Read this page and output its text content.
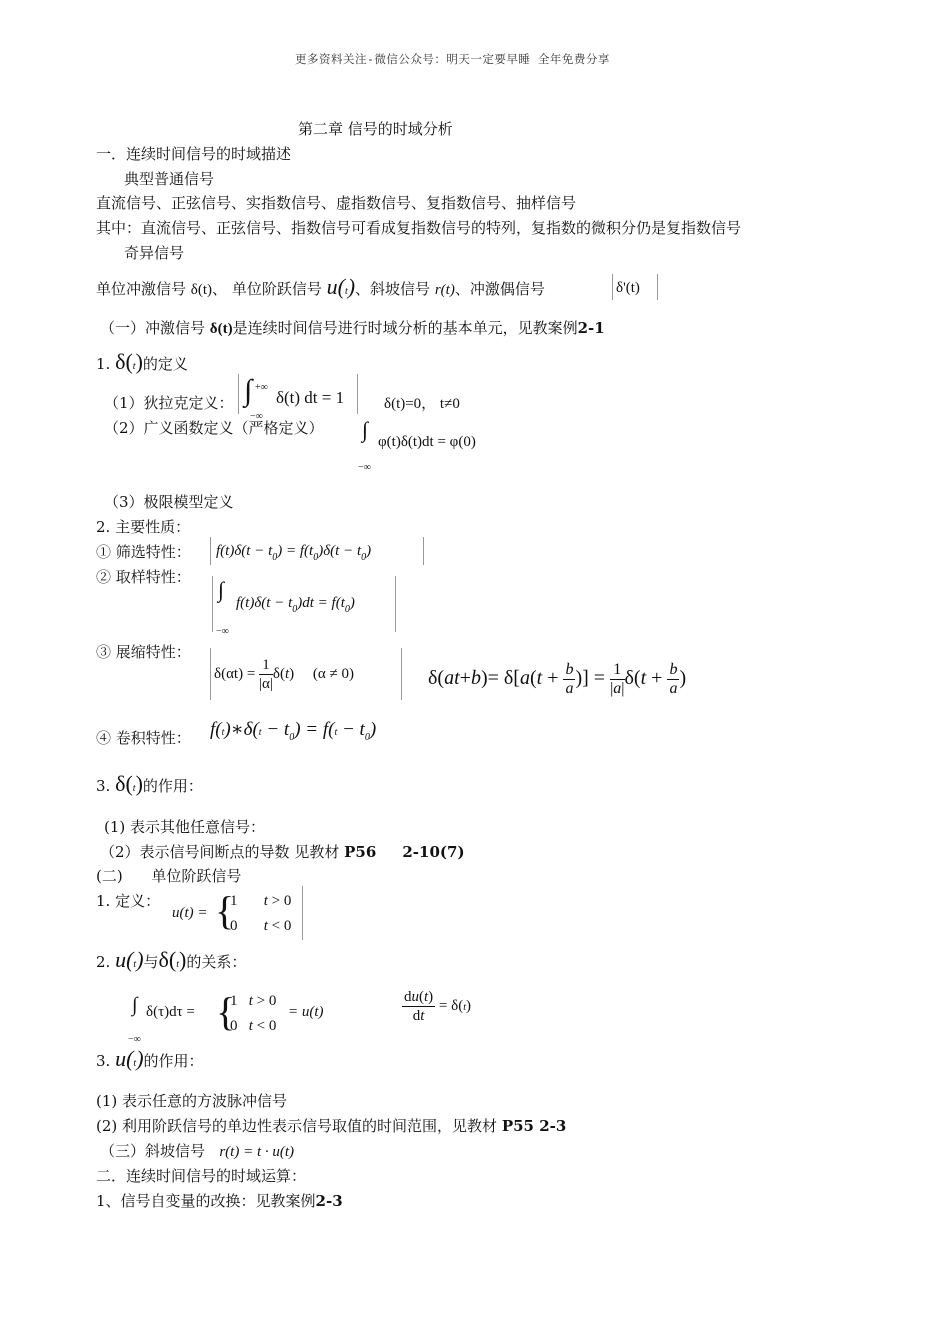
更多资料关注-微信公众号：明天一定要早睡 全年免费分享
第二章 信号的时域分析
一．连续时间信号的时域描述
典型普通信号
直流信号、正弦信号、实指数信号、虚指数信号、复指数信号、抽样信号
其中：直流信号、正弦信号、指数信号可看成复指数信号的特列，复指数的微积分仍是复指数信号
奇异信号
单位冲激信号 δ(t)、 单位阶跃信号 u(t)、斜坡信号 r(t)、冲激偶信号	δ'(t)
（一）冲激信号 δ(t)是连续时间信号进行时域分析的基本单元，见教案例2-1
1. δ(t)的定义
（1）狄拉克定义： ∫ +∞
−∞
δ(t) dt = 1	δ(t)=0， t≠0
（2）广义函数定义（严格定义） ∫
−∞
φ(t)δ(t)dt = φ(0)
（3）极限模型定义
2. 主要性质：
① 筛选特性： $f(t)\delta(t - t_0) = f(t_0)\delta(t - t_0)$
② 取样特性： ∫
−∞
$f(t)\delta(t - t_0)dt = f(t_0)$
③ 展缩特性：
$\delta(\alpha t) = \frac{1}{|\alpha|} \delta(t)$     (α ≠ 0)	$\delta(at+b)= \delta[a(t + \frac{b}{a}$ )] = $\frac{1}{|a|} \delta(t + \frac{b}{a}$ )
④ 卷积特性： f(t)∗δ(t − $t_0) = f(t - t_0)$
3. δ(t)的作用：
(1) 表示其他任意信号：
（2）表示信号间断点的导数 见教材 P56     2-10(7)
(二)      单位阶跃信号
1. 定义：
u(t) = {
1       t > 0
0       t < 0
2. u(t)与δ(t)的关系：
∫
−∞
δ(τ)dτ = {
1   t > 0
0   t < 0
= u(t)	$\frac{du(t)}{dt} = \delta(t)$
3. u(t)的作用：
(1) 表示任意的方波脉冲信号
(2) 利用阶跃信号的单边性表示信号取值的时间范围，见教材 P55 2-3
（三）斜坡信号 r(t) = t · u(t)
二．连续时间信号的时域运算：
1、信号自变量的改换：见教案例2-3
